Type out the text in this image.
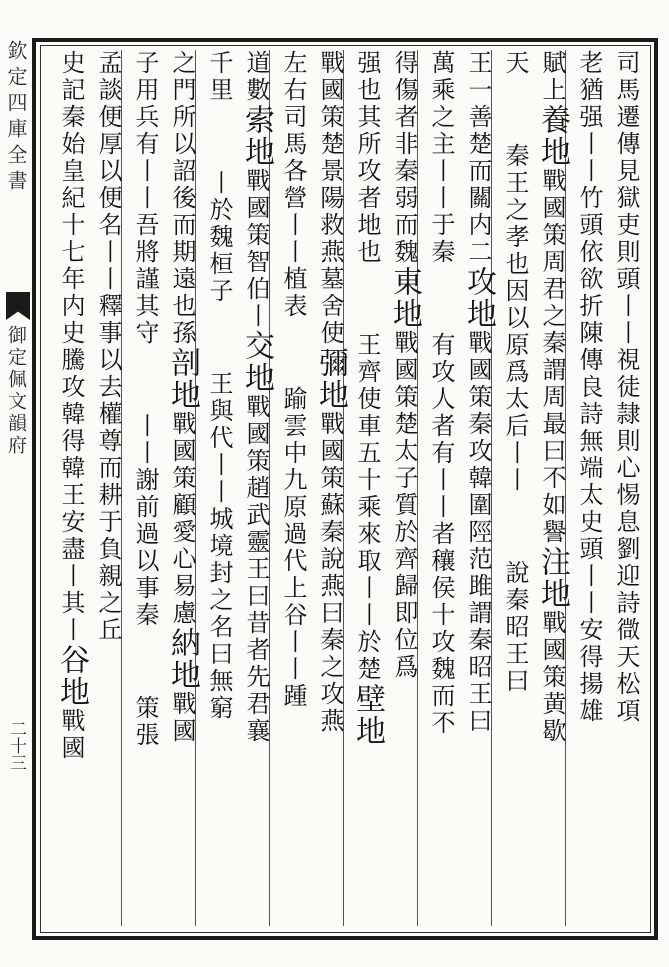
欽定四庫全書
御定佩文韻府
二十三
司馬遷傳見獄吏則頭丨丨視徒隷則心惕息劉迎詩㣲天松項
老猶强丨丨竹頭依欲折陳傳良詩無端太史頭丨丨安得揚雄
賦上養地戰國策周君之秦謂周最曰不如譽注地戰國策黄歇
天秦王之孝也因以原爲太后丨丨說秦昭王曰
王一善楚而關内二攻地戰國策秦攻韓圍陘范雎謂秦昭王曰
萬乘之主丨丨于秦有攻人者有丨丨者穰侯十攻魏而不
得傷者非秦弱而魏東地戰國策楚太子質於齊歸即位爲
强也其所攻者地也王齊使車五十乘來取丨丨於楚壁地
戰國策楚景陽救燕墓舍使彌地戰國策蘇秦說燕曰秦之攻燕
左右司馬各營丨丨植表踰雲中九原過代上谷丨丨踵
道數索地戰國策智伯丨交地戰國策趙武靈王曰昔者先君襄
千里丨於魏桓子王與代丨丨城境封之名曰無窮
之門所以詔後而期遠也孫剖地戰國策顧愛心易慮納地戰國
子用兵有丨丨吾將謹其守丨丨謝前過以事秦策張
孟談便厚以便名丨丨釋事以去權尊而耕于負親之丘
史記秦始皇紀十七年内史騰攻韓得韓王安盡丨其丨谷地戰國
